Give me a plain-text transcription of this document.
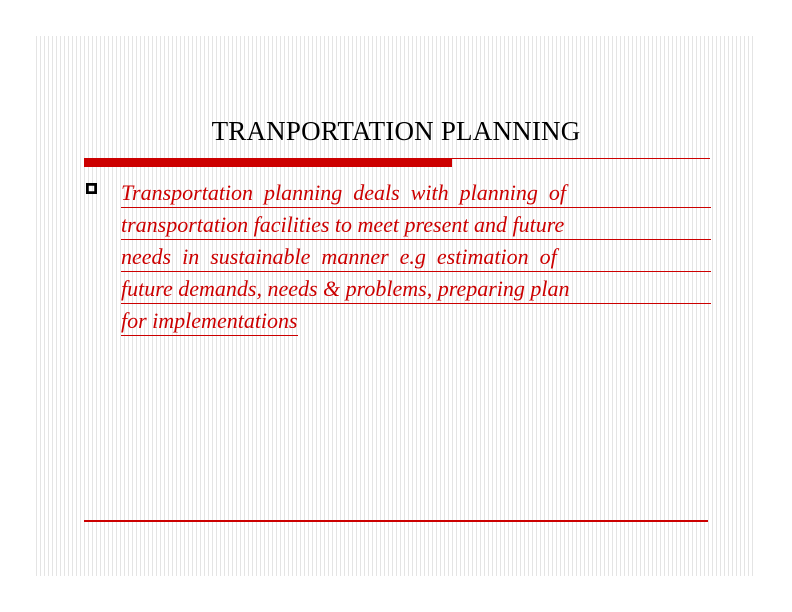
TRANPORTATION PLANNING
Transportation  planning  deals  with  planning  of
transportation facilities to meet present and future
needs  in  sustainable  manner  e.g  estimation  of
future demands, needs & problems, preparing plan
for implementations
